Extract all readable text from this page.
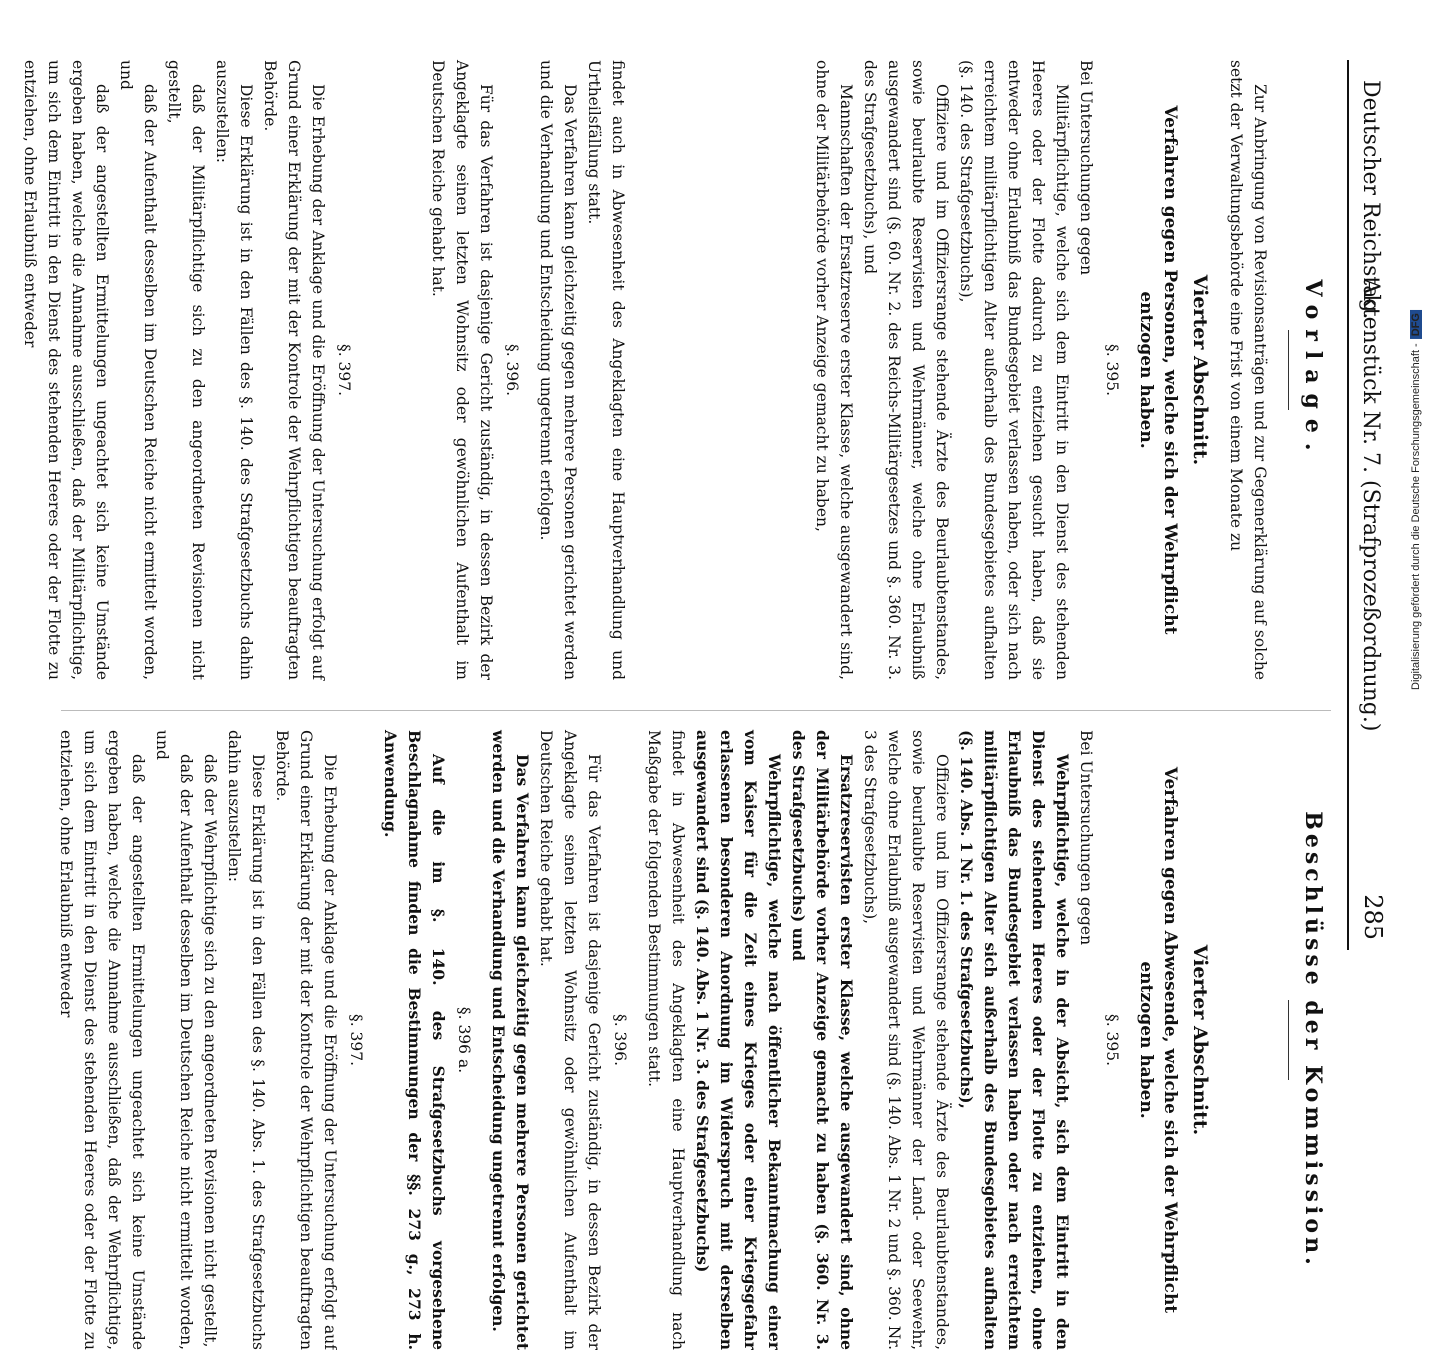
Deutscher Reichstag.
Aktenstück Nr. 7. (Strafprozeßordnung.)
285
Vorlage.

Zur Anbringung von Revisionsanträgen und zur Gegenerklärung auf solche setzt der Verwaltungsbehörde eine Frist von einem Monate zu

Vierter Abschnitt.
Verfahren gegen Personen, welche sich der Wehrpflicht entzogen haben.
§. 395.

Bei Untersuchungen gegen

Militärpflichtige, welche sich dem Eintritt in den Dienst des stehenden Heeres oder der Flotte dadurch zu entziehen gesucht haben, daß sie entweder ohne Erlaubniß das Bundesgebiet verlassen haben, oder sich nach erreichtem militärpflichtigen Alter außerhalb des Bundesgebietes aufhalten (§. 140. des Strafgesetzbuchs),

Offiziere und im Offiziersrange stehende Ärzte des Beurlaubtenstandes, sowie beurlaubte Reservisten und Wehrmänner, welche ohne Erlaubniß ausgewandert sind (§. 60. Nr. 2. des Reichs-Militärgesetzes und §. 360. Nr. 3. des Strafgesetzbuchs), und

Mannschaften der Ersatzreserve erster Klasse, welche ausgewandert sind, ohne der Militärbehörde vorher Anzeige gemacht zu haben,

findet auch in Abwesenheit des Angeklagten eine Hauptverhandlung und Urtheilsfällung statt.

Das Verfahren kann gleichzeitig gegen mehrere Personen gerichtet werden und die Verhandlung und Entscheidung ungetrennt erfolgen.

§. 396.

Für das Verfahren ist dasjenige Gericht zuständig, in dessen Bezirk der Angeklagte seinen letzten Wohnsitz oder gewöhnlichen Aufenthalt im Deutschen Reiche gehabt hat.

§. 397.

Die Erhebung der Anklage und die Eröffnung der Untersuchung erfolgt auf Grund einer Erklärung der mit der Kontrole der Wehrpflichtigen beauftragten Behörde.

Diese Erklärung ist in den Fällen des §. 140. des Strafgesetzbuchs dahin auszustellen:

daß der Militärpflichtige sich zu den angeordneten Revisionen nicht gestellt,

daß der Aufenthalt desselben im Deutschen Reiche nicht ermittelt worden, und

daß der angestellten Ermittelungen ungeachtet sich keine Umstände ergeben haben, welche die Annahme ausschließen, daß der Militärpflichtige, um sich dem Eintritt in den Dienst des stehenden Heeres oder der Flotte zu entziehen, ohne Erlaubniß entweder

Beschlüsse der Kommission.
Vierter Abschnitt.
Verfahren gegen Abwesende, welche sich der Wehrpflicht entzogen haben.
§. 395.

Bei Untersuchungen gegen

Wehrpflichtige, welche in der Absicht, sich dem Eintritt in den Dienst des stehenden Heeres oder der Flotte zu entziehen, ohne Erlaubniß das Bundesgebiet verlassen haben oder nach erreichtem militärpflichtigen Alter sich außerhalb des Bundesgebietes aufhalten (§. 140. Abs. 1 Nr. 1. des Strafgesetzbuchs),

Offiziere und im Offiziersrange stehende Ärzte des Beurlaubtenstandes, sowie beurlaubte Reservisten und Wehrmänner der Land- oder Seewehr, welche ohne Erlaubniß ausgewandert sind (§. 140. Abs. 1 Nr. 2 und §. 360. Nr. 3 des Strafgesetzbuchs),

Ersatzreservisten erster Klasse, welche ausgewandert sind, ohne der Militärbehörde vorher Anzeige gemacht zu haben (§. 360. Nr. 3. des Strafgesetzbuchs) und

Wehrpflichtige, welche nach öffentlicher Bekanntmachung einer vom Kaiser für die Zeit eines Krieges oder einer Kriegsgefahr erlassenen besonderen Anordnung im Widerspruch mit derselben ausgewandert sind (§. 140. Abs. 1 Nr. 3. des Strafgesetzbuchs)

findet in Abwesenheit des Angeklagten eine Hauptverhandlung nach Maßgabe der folgenden Bestimmungen statt.

§. 396.

Für das Verfahren ist dasjenige Gericht zuständig, in dessen Bezirk der Angeklagte seinen letzten Wohnsitz oder gewöhnlichen Aufenthalt im Deutschen Reiche gehabt hat.

Das Verfahren kann gleichzeitig gegen mehrere Personen gerichtet werden und die Verhandlung und Entscheidung ungetrennt erfolgen.

§. 396 a.

Auf die im §. 140. des Strafgesetzbuchs vorgesehene Beschlagnahme finden die Bestimmungen der §§. 273 g., 273 h. Anwendung.

§. 397.

Die Erhebung der Anklage und die Eröffnung der Untersuchung erfolgt auf Grund einer Erklärung der mit der Kontrole der Wehrpflichtigen beauftragten Behörde.

Diese Erklärung ist in den Fällen des §. 140. Abs. 1. des Strafgesetzbuchs dahin auszustellen:

daß der Wehrpflichtige sich zu den angeordneten Revisionen nicht gestellt,

daß der Aufenthalt desselben im Deutschen Reiche nicht ermittelt worden, und

daß der angestellten Ermittelungen ungeachtet sich keine Umstände ergeben haben, welche die Annahme ausschließen, daß der Wehrpflichtige, um sich dem Eintritt in den Dienst des stehenden Heeres oder der Flotte zu entziehen, ohne Erlaubniß entweder

Digitalisierung gefördert durch die Deutsche Forschungsgemeinschaft -DFG
